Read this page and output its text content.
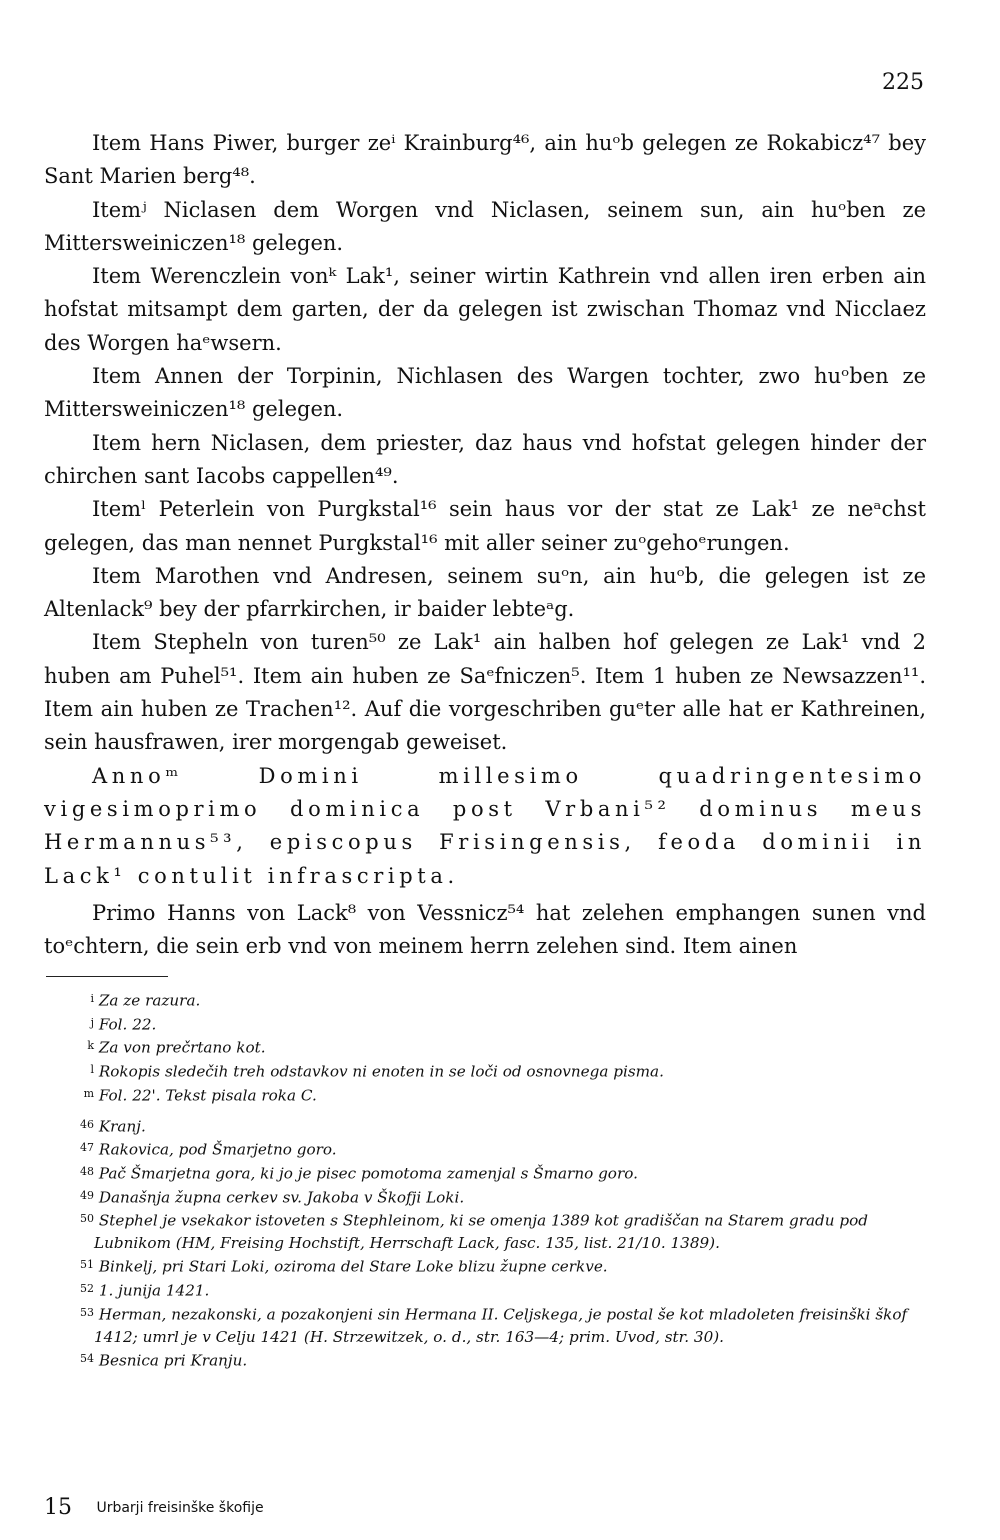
225

Item Hans Piwer, burger zeⁱ Krainburg⁴⁶, ain huᵒb gelegen ze Rokabicz⁴⁷ bey Sant Marien berg⁴⁸.

Itemʲ Niclasen dem Worgen vnd Niclasen, seinem sun, ain huᵒben ze Mittersweiniczen¹⁸ gelegen.

Item Werenczlein vonᵏ Lak¹, seiner wirtin Kathrein vnd allen iren erben ain hofstat mitsampt dem garten, der da gelegen ist zwischan Thomaz vnd Nicclaez des Worgen haᵉwsern.

Item Annen der Torpinin, Nichlasen des Wargen tochter, zwo huᵒben ze Mittersweiniczen¹⁸ gelegen.

Item hern Niclasen, dem priester, daz haus vnd hofstat gelegen hinder der chirchen sant Iacobs cappellen⁴⁹.

Itemˡ Peterlein von Purgkstal¹⁶ sein haus vor der stat ze Lak¹ ze neᵃchst gelegen, das man nennet Purgkstal¹⁶ mit aller seiner zuᵒgehoᵉrungen.

Item Marothen vnd Andresen, seinem suᵒn, ain huᵒb, die gelegen ist ze Altenlack⁹ bey der pfarrkirchen, ir baider lebteᵃg.

Item Stepheln von turen⁵⁰ ze Lak¹ ain halben hof gelegen ze Lak¹ vnd 2 huben am Puhel⁵¹. Item ain huben ze Saᵉfniczen⁵. Item 1 huben ze Newsazzen¹¹. Item ain huben ze Trachen¹². Auf die vorgeschriben guᵉter alle hat er Kathreinen, sein hausfrawen, irer morgengab geweiset.

Annoᵐ Domini millesimo quadringentesimo vigesimoprimo dominica post Vrbani⁵² dominus meus Hermannus⁵³, episcopus Frisingensis, feoda dominii in Lack¹ contulit infrascripta.

Primo Hanns von Lack⁸ von Vessnicz⁵⁴ hat zelehen emphangen sunen vnd toᵉchtern, die sein erb vnd von meinem herrn zelehen sind. Item ainen

i Za ze razura.
j Fol. 22.
k Za von prečrtano kot.
l Rokopis sledečih treh odstavkov ni enoten in se loči od osnovnega pisma.
m Fol. 22'. Tekst pisala roka C.
46 Kranj.
47 Rakovica, pod Šmarjetno goro.
48 Pač Šmarjetna gora, ki jo je pisec pomotoma zamenjal s Šmarno goro.
49 Današnja župna cerkev sv. Jakoba v Škofji Loki.
50 Stephel je vsekakor istoveten s Stephleinom, ki se omenja 1389 kot gradiščan na Starem gradu pod Lubnikom (HM, Freising Hochstift, Herrschaft Lack, fasc. 135, list. 21/10. 1389).
51 Binkelj, pri Stari Loki, oziroma del Stare Loke blizu župne cerkve.
52 1. junija 1421.
53 Herman, nezakonski, a pozakonjeni sin Hermana II. Celjskega, je postal še kot mladoleten freisinški škof 1412; umrl je v Celju 1421 (H. Strzewitzek, o. d., str. 163—4; prim. Uvod, str. 30).
54 Besnica pri Kranju.
15 Urbarji freisinške škofije
